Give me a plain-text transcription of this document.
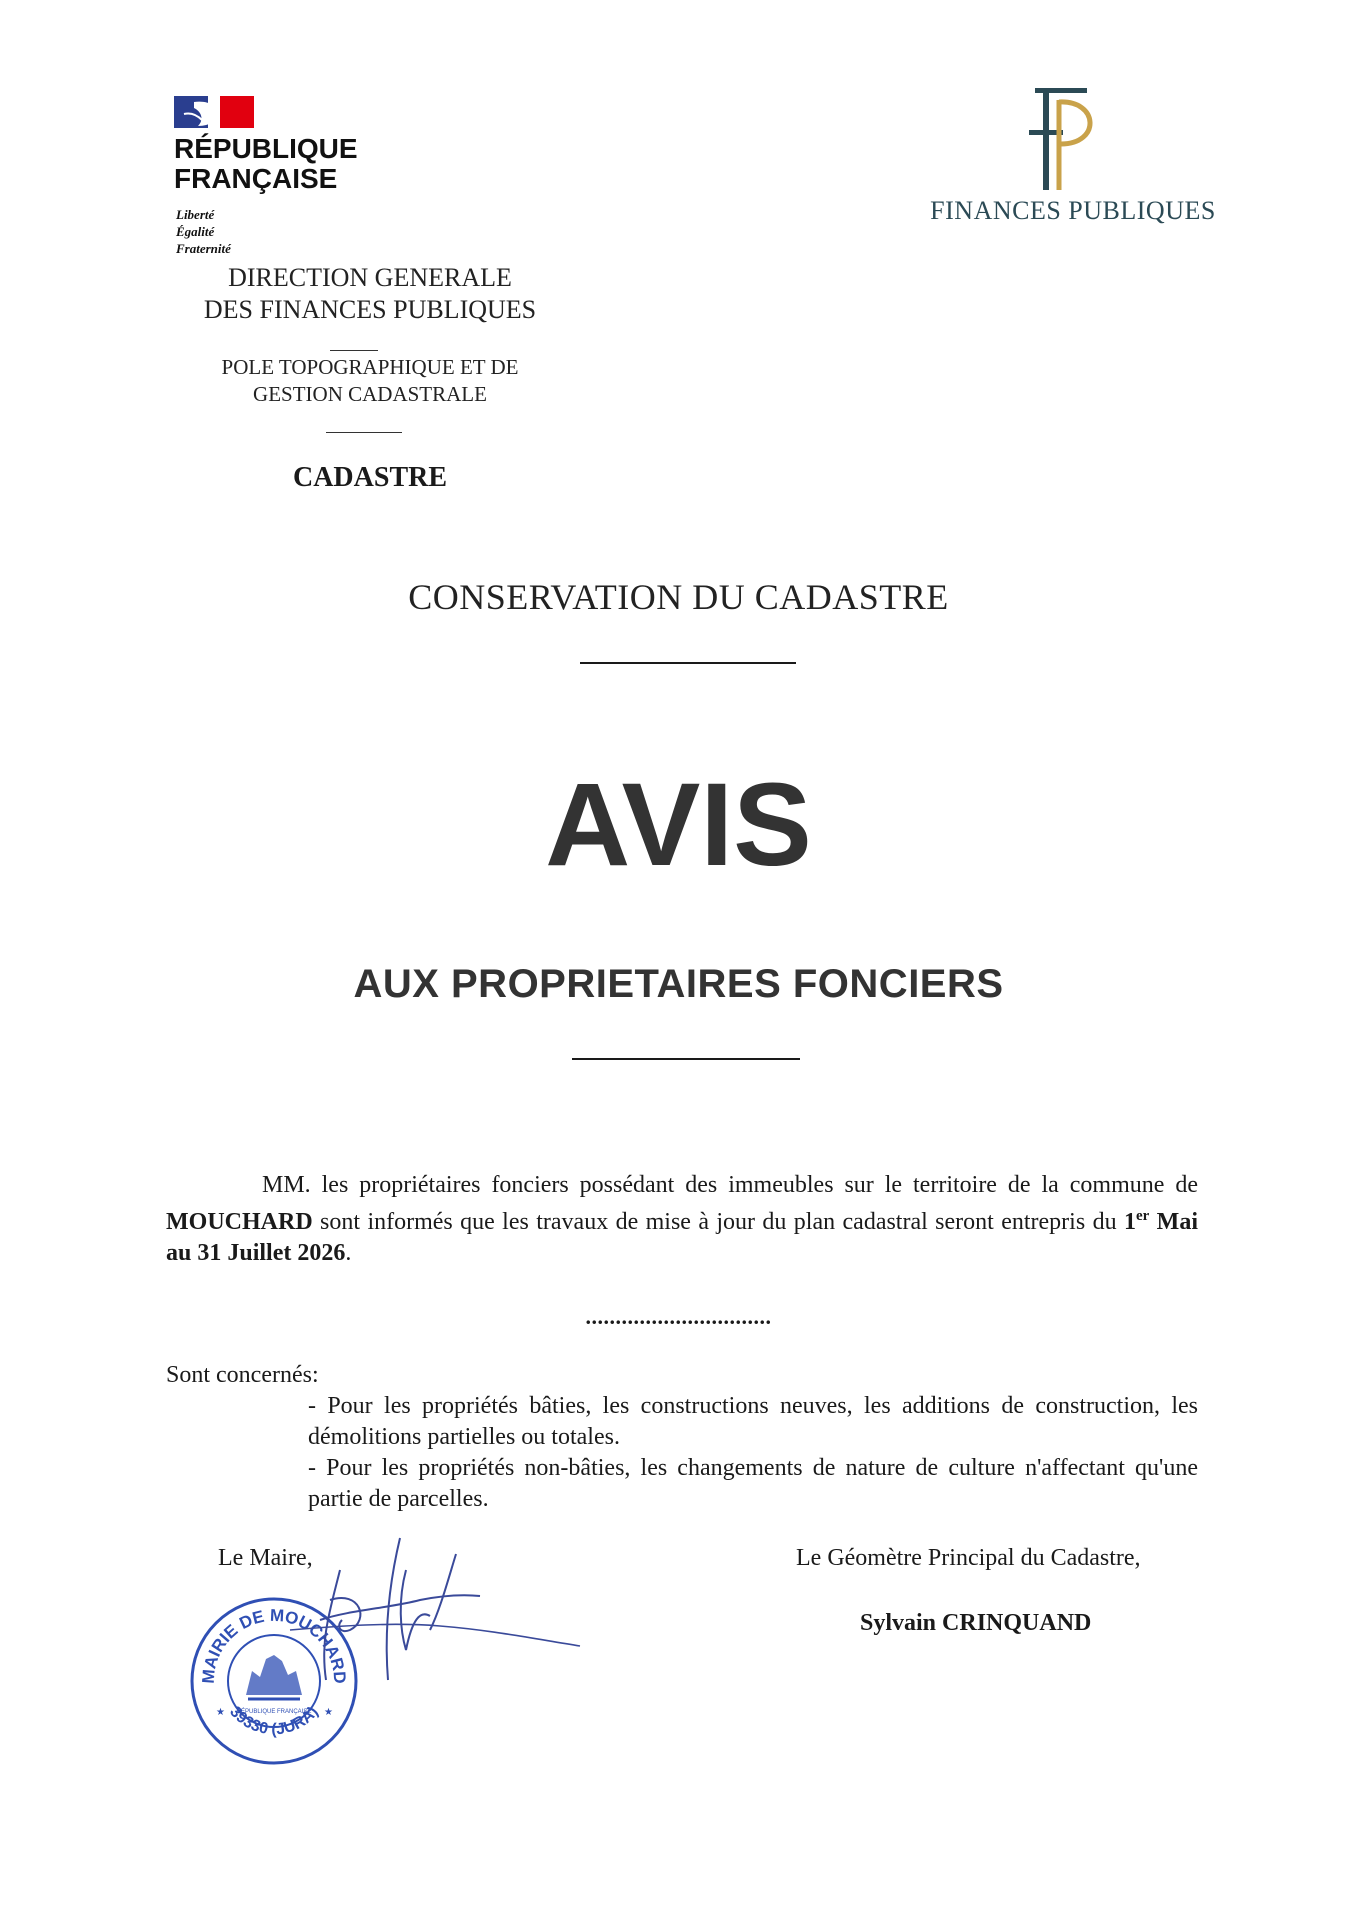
RÉPUBLIQUE
FRANÇAISE
Liberté
Égalité
Fraternité
DIRECTION GENERALE
DES FINANCES PUBLIQUES
POLE TOPOGRAPHIQUE ET DE
GESTION CADASTRALE
CADASTRE
FINANCES PUBLIQUES
CONSERVATION DU CADASTRE
AVIS
AUX PROPRIETAIRES FONCIERS
MM. les propriétaires fonciers possédant des immeubles sur le territoire de la commune de MOUCHARD sont informés que les travaux de mise à jour du plan cadastral seront entrepris du 1er Mai au 31 Juillet 2026.
...............................
Sont concernés:
- Pour les propriétés bâties, les constructions neuves, les additions de construction, les démolitions partielles ou totales.
- Pour les propriétés non-bâties, les changements de nature de culture n'affectant qu'une partie de parcelles.
Le Maire,	Le Géomètre Principal du Cadastre,
Sylvain CRINQUAND
MAIRIE DE MOUCHARD
39330 (JURA)
RÉPUBLIQUE FRANÇAISE
★	★
